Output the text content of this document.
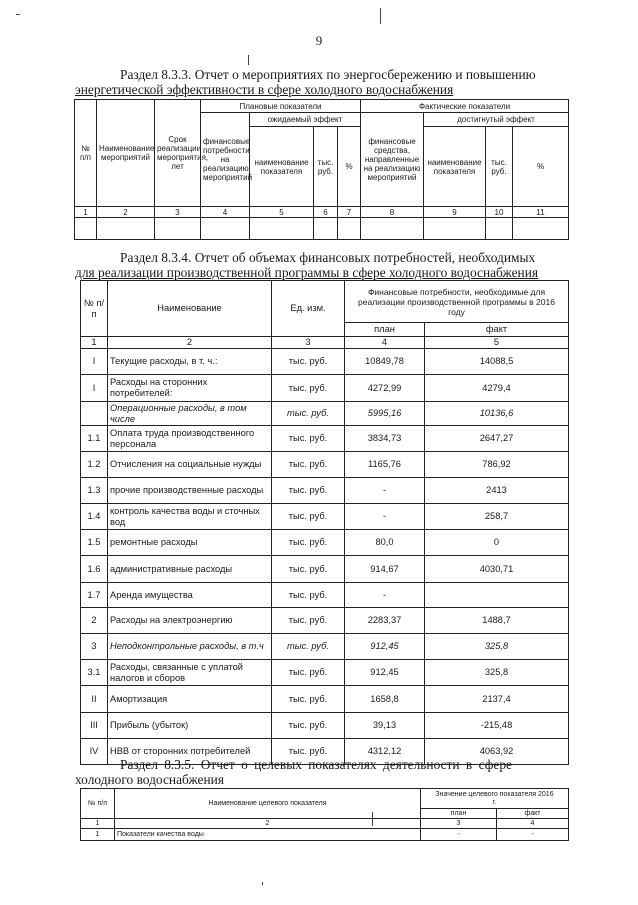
9
Раздел 8.3.3. Отчет о мероприятиях по энергосбережению и повышению
энергетической эффективности в сфере холодного водоснабжения
№ п/п	Наименование мероприятий	Срок реализации мероприятия, лет	Плановые показатели				Фактические показатели			
			финансовые потребности на реализацию мероприятий	ожидаемый эффект			финансовые средства, направленные на реализацию мероприятий	достигнутый эффект		
				наименование показателя	тыс. руб.	%		наименование показателя	тыс. руб.	%
1	2	3	4	5	6	7	8	9	10	11

Раздел 8.3.4. Отчет об объемах финансовых потребностей, необходимых
для реализации производственной программы в сфере холодного водоснабжения
№ п/п	Наименование	Ед. изм.	Финансовые потребности, необходимые для реализации производственной программы в 2016 году	
			план	факт
1	2	3	4	5
I	Текущие расходы, в т. ч.:	тыс. руб.	10849,78	14088,5
I	Расходы на сторонних потребителей:	тыс. руб.	4272,99	4279,4
	Операционные расходы, в том числе	тыс. руб.	5995,16	10136,6
1.1	Оплата труда производственного персонала	тыс. руб.	3834,73	2647,27
1.2	Отчисления на социальные нужды	тыс. руб.	1165,76	786,92
1.3	прочие производственные расходы	тыс. руб.	-	2413
1.4	контроль качества воды и сточных вод	тыс. руб.	-	258,7
1.5	ремонтные расходы	тыс. руб.	80,0	0
1.6	административные расходы	тыс. руб.	914,67	4030,71
1.7	Аренда имущества	тыс. руб.	-	
2	Расходы на электроэнергию	тыс. руб.	2283,37	1488,7
3	Неподконтрольные расходы, в т.ч	тыс. руб.	912,45	325,8
3.1	Расходы, связанные с уплатой налогов и сборов	тыс. руб.	912,45	325,8
II	Амортизация	тыс. руб.	1658,8	2137,4
III	Прибыль (убыток)	тыс. руб.	39,13	-215,48
IV	НВВ от сторонних потребителей	тыс. руб.	4312,12	4063,92
Раздел 8.3.5. Отчет о целевых показателях деятельности в сфере
холодного водоснабжения
№ п/п	Наименование целевого показателя	Значение целевого показателя 2016 г.	
		план	факт
1	2	3	4
1	Показатели качества воды	-	-
